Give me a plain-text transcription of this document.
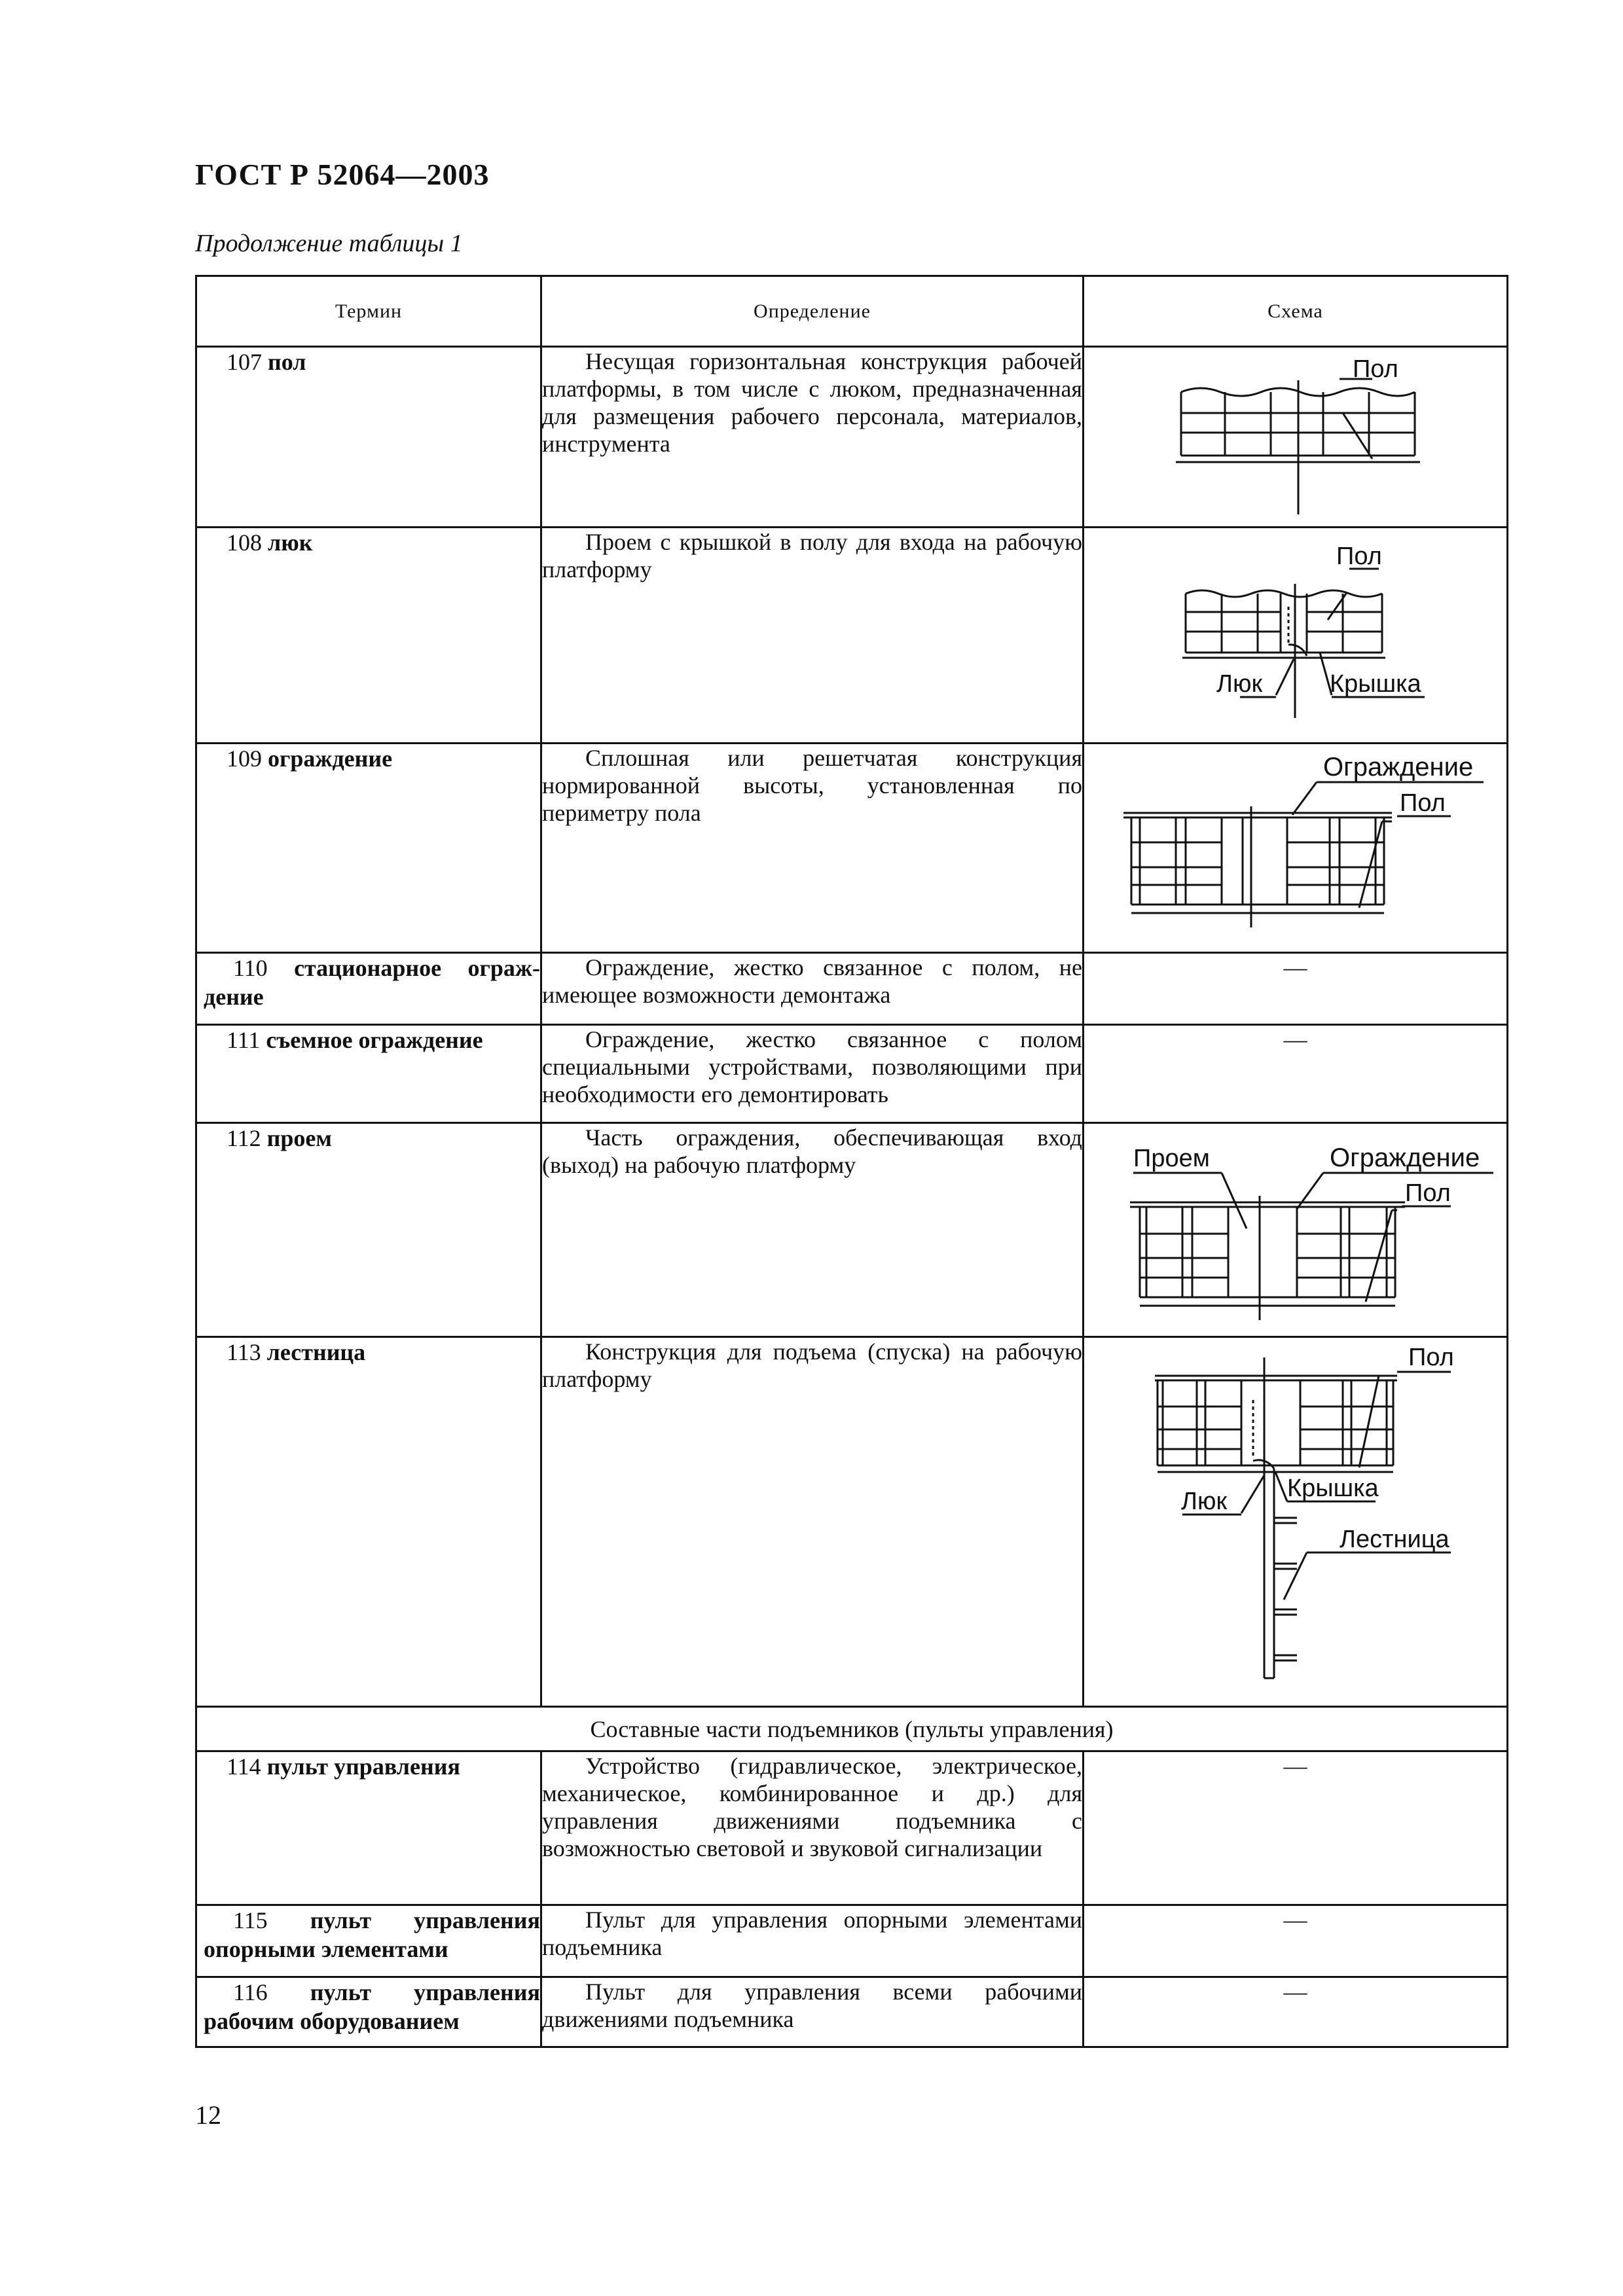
ГОСТ Р 52064—2003
Продолжение таблицы 1
Термин	Определение	Схема
107 пол	Несущая горизонтальная конструкция рабочей платформы, в том числе с люком, предназначенная для размещения рабочего персонала, материалов, инструмента	Пол

108 люк	Проем с крышкой в полу для входа на рабочую платформу	Пол
Люк Крышка

109 ограждение	Сплошная или решетчатая конструкция нормированной высоты, установленная по периметру пола	Ограждение
Пол

110 стационарное ограж-
дение	Ограждение, жестко связанное с полом, не имеющее возможности демонтажа	—
111 съемное ограждение	Ограждение, жестко связанное с полом специальными устройствами, позволяющими при необходимости его демонтировать	—
112 проем	Часть ограждения, обеспечивающая вход (выход) на рабочую платформу	Проем Ограждение
Пол

113 лестница	Конструкция для подъема (спуска) на рабочую платформу	Пол
Люк Крышка
Лестница

Составные части подъемников (пульты управления)		
114 пульт управления	Устройство (гидравлическое, электрическое, механическое, комбинированное и др.) для управления движениями подъемника с возможностью световой и звуковой сигнализации	—
115 пульт управления
опорными элементами	Пульт для управления опорными элементами подъемника	—
116 пульт управления
рабочим оборудованием	Пульт для управления всеми рабочими движениями подъемника	—
12
